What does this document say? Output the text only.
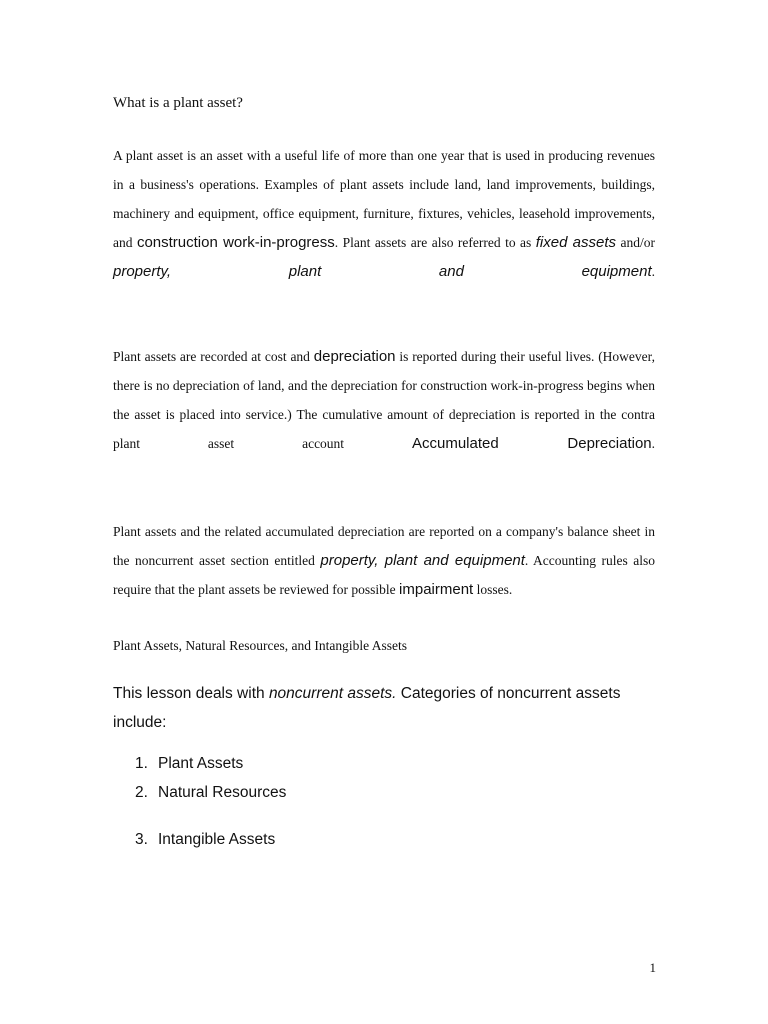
What is a plant asset?

A plant asset is an asset with a useful life of more than one year that is used in producing revenues in a business's operations. Examples of plant assets include land, land improvements, buildings, machinery and equipment, office equipment, furniture, fixtures, vehicles, leasehold improvements, and construction work-in-progress. Plant assets are also referred to as fixed assets and/or property, plant and equipment.

Plant assets are recorded at cost and depreciation is reported during their useful lives. (However, there is no depreciation of land, and the depreciation for construction work-in-progress begins when the asset is placed into service.) The cumulative amount of depreciation is reported in the contra plant asset account Accumulated Depreciation.

Plant assets and the related accumulated depreciation are reported on a company's balance sheet in the noncurrent asset section entitled property, plant and equipment. Accounting rules also require that the plant assets be reviewed for possible impairment losses.

Plant Assets, Natural Resources, and Intangible Assets

This lesson deals with noncurrent assets. Categories of noncurrent assets include:

1. Plant Assets
2. Natural Resources
3. Intangible Assets
1
